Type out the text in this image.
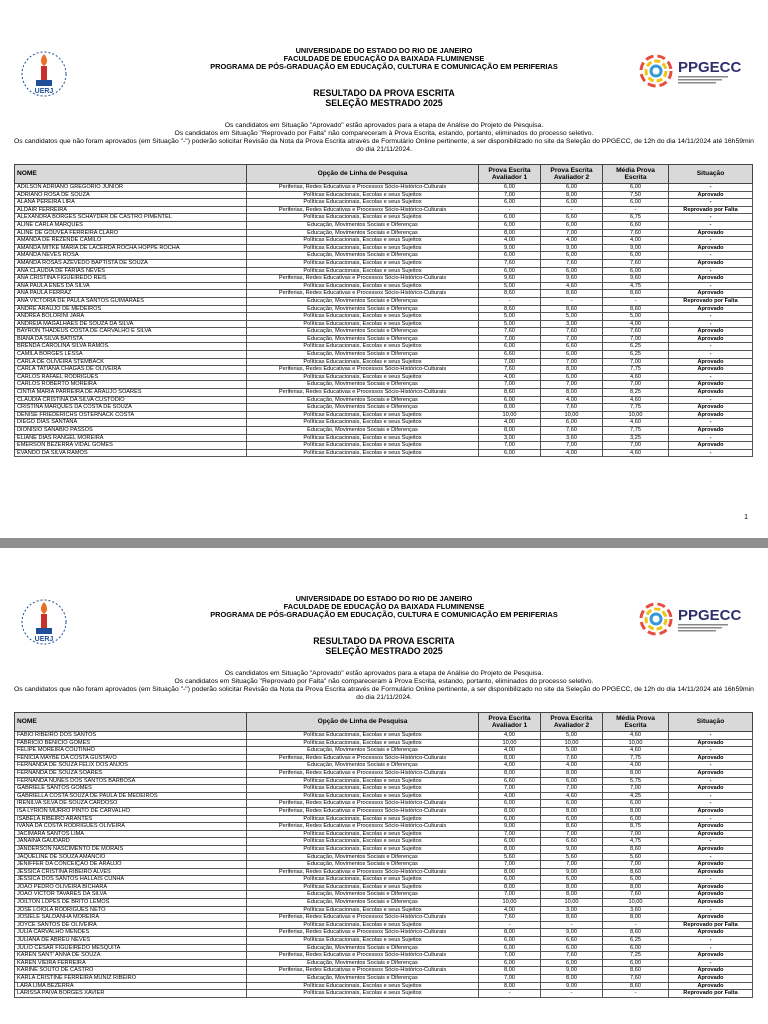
UERJ
UNIVERSIDADE DO ESTADO DO RIO DE JANEIRO
FACULDADE DE EDUCAÇÃO DA BAIXADA FLUMINENSE
PROGRAMA DE PÓS-GRADUAÇÃO EM EDUCAÇÃO, CULTURA E COMUNICAÇÃO EM PERIFERIAS	PPGECC
RESULTADO DA PROVA ESCRITA
SELEÇÃO MESTRADO 2025
Os candidatos em Situação "Aprovado" estão aprovados para a etapa de Análise do Projeto de Pesquisa.
Os candidatos em Situação "Reprovado por Falta" não compareceram à Prova Escrita, estando, portanto, eliminados do processo seletivo.
Os candidatos que não foram aprovados (em Situação "-") poderão solicitar Revisão da Nota da Prova Escrita através de Formulário Online pertinente, a ser disponibilizado no site da Seleção do PPGECC, de 12h do dia 14/11/2024 até 16h59min do dia 21/11/2024.
NOME	Opção de Linha de Pesquisa	Prova Escrita Avaliador 1	Prova Escrita Avaliador 2	Média Prova Escrita	Situação
ADILSON ADRIANO GREGÓRIO JÚNIOR	Periferias, Redes Educativas e Processos Sócio-Histórico-Culturais	6,00	6,00	6,00	-
ADRIANO ROSA DE SOUZA	Políticas Educacionais, Escolas e seus Sujeitos	7,00	8,00	7,50	Aprovado
ALANA PEREIRA LIRA	Políticas Educacionais, Escolas e seus Sujeitos	6,00	6,00	6,00	-
ALDAIR FERREIRA	Periferias, Redes Educativas e Processos Sócio-Histórico-Culturais	-	-	-	Reprovado por Falta
ALEXANDRA BORGES SCHAYDER DE CASTRO PIMENTEL	Políticas Educacionais, Escolas e seus Sujeitos	6,00	6,60	6,75	-
ALINE CARLA MARQUES	Educação, Movimentos Sociais e Diferenças	6,00	6,00	6,60	-
ALINE DE GOUVÊA FERREIRA CLARO	Educação, Movimentos Sociais e Diferenças	8,00	7,00	7,60	Aprovado
AMANDA DE REZENDE CAMILO	Políticas Educacionais, Escolas e seus Sujeitos	4,00	4,00	4,00	-
AMANDA MITKE MARIA DE LACERDA ROCHA HOPPE ROCHA	Políticas Educacionais, Escolas e seus Sujeitos	9,00	9,00	9,00	Aprovado
AMANDA NEVES ROSA	Educação, Movimentos Sociais e Diferenças	6,00	6,00	6,00	-
AMANDA ROSAS AZEVEDO BAPTISTA DE SOUZA	Políticas Educacionais, Escolas e seus Sujeitos	7,60	7,60	7,60	Aprovado
ANA CLAUDIA DE FARIAS NEVES	Políticas Educacionais, Escolas e seus Sujeitos	6,00	6,00	6,00	-
ANA CRISTINA FIGUEIREDO REIS	Periferias, Redes Educativas e Processos Sócio-Histórico-Culturais	9,60	9,60	9,60	Aprovado
ANA PAULA ENES DA SILVA	Políticas Educacionais, Escolas e seus Sujeitos	5,00	4,60	4,75	-
ANA PAULA FERRAZ	Periferias, Redes Educativas e Processos Sócio-Histórico-Culturais	8,60	8,60	8,60	Aprovado
ANA VICTÓRIA DE PAULA SANTOS GUIMARÃES	Educação, Movimentos Sociais e Diferenças	-	-	-	Reprovado por Falta
ANDRÉ ARAÚJO DE MEDEIROS	Educação, Movimentos Sociais e Diferenças	8,60	8,60	8,60	Aprovado
ANDREA BOLORINI JARA	Políticas Educacionais, Escolas e seus Sujeitos	5,00	5,00	5,00	-
ANDRÉIA MAGALHÃES DE SOUZA DA SILVA	Políticas Educacionais, Escolas e seus Sujeitos	5,00	3,00	4,00	-
BAYRON THADEUS COSTA DE CARVALHO E SILVA	Educação, Movimentos Sociais e Diferenças	7,60	7,60	7,60	Aprovado
BIANA DA SILVA BATISTA	Educação, Movimentos Sociais e Diferenças	7,00	7,00	7,00	Aprovado
BRENDA CAROLINA SILVA RAMOS.	Políticas Educacionais, Escolas e seus Sujeitos	6,00	6,60	6,25	-
CAMILA BORGES LESSA	Educação, Movimentos Sociais e Diferenças	6,60	6,00	6,25	-
CARLA DE OLIVEIRA STEMBACK	Políticas Educacionais, Escolas e seus Sujeitos	7,00	7,00	7,00	Aprovado
CARLA TATIANA CHAGAS DE OLIVEIRA	Periferias, Redes Educativas e Processos Sócio-Histórico-Culturais	7,60	8,00	7,75	Aprovado
CARLOS RAFAEL RODRIGUES	Políticas Educacionais, Escolas e seus Sujeitos	4,00	6,00	4,60	-
CARLOS ROBERTO MOREIRA	Educação, Movimentos Sociais e Diferenças	7,00	7,00	7,00	Aprovado
CINTIA MARIA PARREIRA DE ARAÚJO SOARES	Periferias, Redes Educativas e Processos Sócio-Histórico-Culturais	8,60	8,00	8,25	Aprovado
CLÁUDIA CRISTINA DA SILVA CUSTÓDIO	Educação, Movimentos Sociais e Diferenças	6,00	4,00	4,60	-
CRISTINA MARQUES DA COSTA DE SOUZA	Educação, Movimentos Sociais e Diferenças	8,00	7,60	7,75	Aprovado
DENISE FRIEDERICHS OSTERNACK COSTA	Políticas Educacionais, Escolas e seus Sujeitos	10,00	10,00	10,00	Aprovado
DIEGO DIAS SANTANA	Políticas Educacionais, Escolas e seus Sujeitos	4,00	6,00	4,60	-
DIONÍSIO SANABIO PASSOS	Educação, Movimentos Sociais e Diferenças	8,00	7,60	7,75	Aprovado
ELIANE DIAS RANGEL MOREIRA	Políticas Educacionais, Escolas e seus Sujeitos	3,00	3,60	3,25	-
EMERSON BEZERRA VIDAL GOMES	Políticas Educacionais, Escolas e seus Sujeitos	7,00	7,00	7,00	Aprovado
EVANDO DA SILVA RAMOS	Políticas Educacionais, Escolas e seus Sujeitos	6,00	4,00	4,60	-
1
UERJ
UNIVERSIDADE DO ESTADO DO RIO DE JANEIRO
FACULDADE DE EDUCAÇÃO DA BAIXADA FLUMINENSE
PROGRAMA DE PÓS-GRADUAÇÃO EM EDUCAÇÃO, CULTURA E COMUNICAÇÃO EM PERIFERIAS	PPGECC
RESULTADO DA PROVA ESCRITA
SELEÇÃO MESTRADO 2025
Os candidatos em Situação "Aprovado" estão aprovados para a etapa de Análise do Projeto de Pesquisa.
Os candidatos em Situação "Reprovado por Falta" não compareceram à Prova Escrita, estando, portanto, eliminados do processo seletivo.
Os candidatos que não foram aprovados (em Situação "-") poderão solicitar Revisão da Nota da Prova Escrita através de Formulário Online pertinente, a ser disponibilizado no site da Seleção do PPGECC, de 12h do dia 14/11/2024 até 16h59min do dia 21/11/2024.
NOME	Opção de Linha de Pesquisa	Prova Escrita Avaliador 1	Prova Escrita Avaliador 2	Média Prova Escrita	Situação
FABIO RIBEIRO DOS SANTOS	Políticas Educacionais, Escolas e seus Sujeitos	4,00	5,00	4,60	-
FABRICIO BENICIO GOMES	Políticas Educacionais, Escolas e seus Sujeitos	10,00	10,00	10,00	Aprovado
FELIPE MOREIRA COUTINHO	Educação, Movimentos Sociais e Diferenças	4,00	5,00	4,60	-
FENICIA MAYBE DA COSTA GUSTAVO	Periferias, Redes Educativas e Processos Sócio-Histórico-Culturais	8,00	7,60	7,75	Aprovado
FERNANDA DE SOUZA FELIX DOS ANJOS	Educação, Movimentos Sociais e Diferenças	4,00	4,00	4,00	-
FERNANDA DE SOUZA SOARES	Periferias, Redes Educativas e Processos Sócio-Histórico-Culturais	8,00	8,00	8,00	Aprovado
FERNANDA NUNES DOS SANTOS BARBOSA	Políticas Educacionais, Escolas e seus Sujeitos	6,60	6,00	5,75	-
GABRIELE SANTOS GOMES	Políticas Educacionais, Escolas e seus Sujeitos	7,00	7,00	7,00	Aprovado
GABRIELLA COSTA SOUZA DE PAULA DE MEDEIROS	Políticas Educacionais, Escolas e seus Sujeitos	4,00	4,60	4,25	-
IRENILVA SILVA DE SOUZA CARDOSO	Periferias, Redes Educativas e Processos Sócio-Histórico-Culturais	6,00	6,00	6,00	-
ISA LYRION MURRO PINTO DE CARVALHO	Periferias, Redes Educativas e Processos Sócio-Histórico-Culturais	8,00	8,00	8,00	Aprovado
ISABELA RIBEIRO ARANTES	Políticas Educacionais, Escolas e seus Sujeitos	6,00	6,00	6,00	-
IVANA DA COSTA RODRIGUES OLIVEIRA	Periferias, Redes Educativas e Processos Sócio-Histórico-Culturais	9,00	8,60	8,75	Aprovado
JACIMARA SANTOS LIMA	Políticas Educacionais, Escolas e seus Sujeitos	7,00	7,00	7,00	Aprovado
JANAINA GAUDARD	Políticas Educacionais, Escolas e seus Sujeitos	6,00	6,60	4,75	-
JANDERSON NASCIMENTO DE MORAIS	Políticas Educacionais, Escolas e seus Sujeitos	8,00	9,00	8,60	Aprovado
JAQUELINE DE SOUZA AMANCIO	Educação, Movimentos Sociais e Diferenças	5,60	5,60	5,60	-
JENIFFER DA CONCEIÇÃO DE ARAUJO	Educação, Movimentos Sociais e Diferenças	7,00	7,00	7,00	Aprovado
JESSICA CRISTINA RIBEIRO ALVES	Periferias, Redes Educativas e Processos Sócio-Histórico-Culturais	8,00	9,00	8,60	Aprovado
JÉSSICA DOS SANTOS HALLAIS CUNHA	Políticas Educacionais, Escolas e seus Sujeitos	6,00	6,00	6,00	-
JOÃO PEDRO OLIVEIRA BICHARA	Políticas Educacionais, Escolas e seus Sujeitos	8,00	8,00	8,00	Aprovado
JOÃO VICTOR TAVARES DA SILVA	Educação, Movimentos Sociais e Diferenças	7,00	8,00	7,60	Aprovado
JOILTON LOPES DE BRITO LEMOS	Educação, Movimentos Sociais e Diferenças	10,00	10,00	10,00	Aprovado
JOSÉ LOIOLA RODRIGUES NETO	Políticas Educacionais, Escolas e seus Sujeitos	4,00	3,00	3,60	-
JOSIELE SALDANHA MOREIRA	Periferias, Redes Educativas e Processos Sócio-Histórico-Culturais	7,60	8,60	8,00	Aprovado
JOYCE SANTOS DE OLIVEIRA	Políticas Educacionais, Escolas e seus Sujeitos	-	-	-	Reprovado por Falta
JULIA CARVALHO MENDES	Periferias, Redes Educativas e Processos Sócio-Histórico-Culturais	8,00	9,00	8,60	Aprovado
JULIANA DE ABREU NEVES	Políticas Educacionais, Escolas e seus Sujeitos	6,00	6,60	6,25	-
JULIO CESAR FIGUEIREDO MESQUITA	Educação, Movimentos Sociais e Diferenças	6,00	6,00	6,00	-
KAREN SANT' ANNA DE SOUZA	Periferias, Redes Educativas e Processos Sócio-Histórico-Culturais	7,00	7,60	7,25	Aprovado
KAREN VIEIRA FERREIRA	Educação, Movimentos Sociais e Diferenças	6,00	6,00	6,00	-
KARINE SOUTO DE CASTRO	Periferias, Redes Educativas e Processos Sócio-Histórico-Culturais	8,00	9,00	8,60	Aprovado
KARLA CRISTINE FERREIRA MUNIZ RIBEIRO	Educação, Movimentos Sociais e Diferenças	7,00	8,00	7,60	Aprovado
LARA LIMA BEZERRA	Políticas Educacionais, Escolas e seus Sujeitos	8,00	9,00	8,60	Aprovado
LARISSA PAIVA BORGES XAVIER	Políticas Educacionais, Escolas e seus Sujeitos	-	-	-	Reprovado por Falta
